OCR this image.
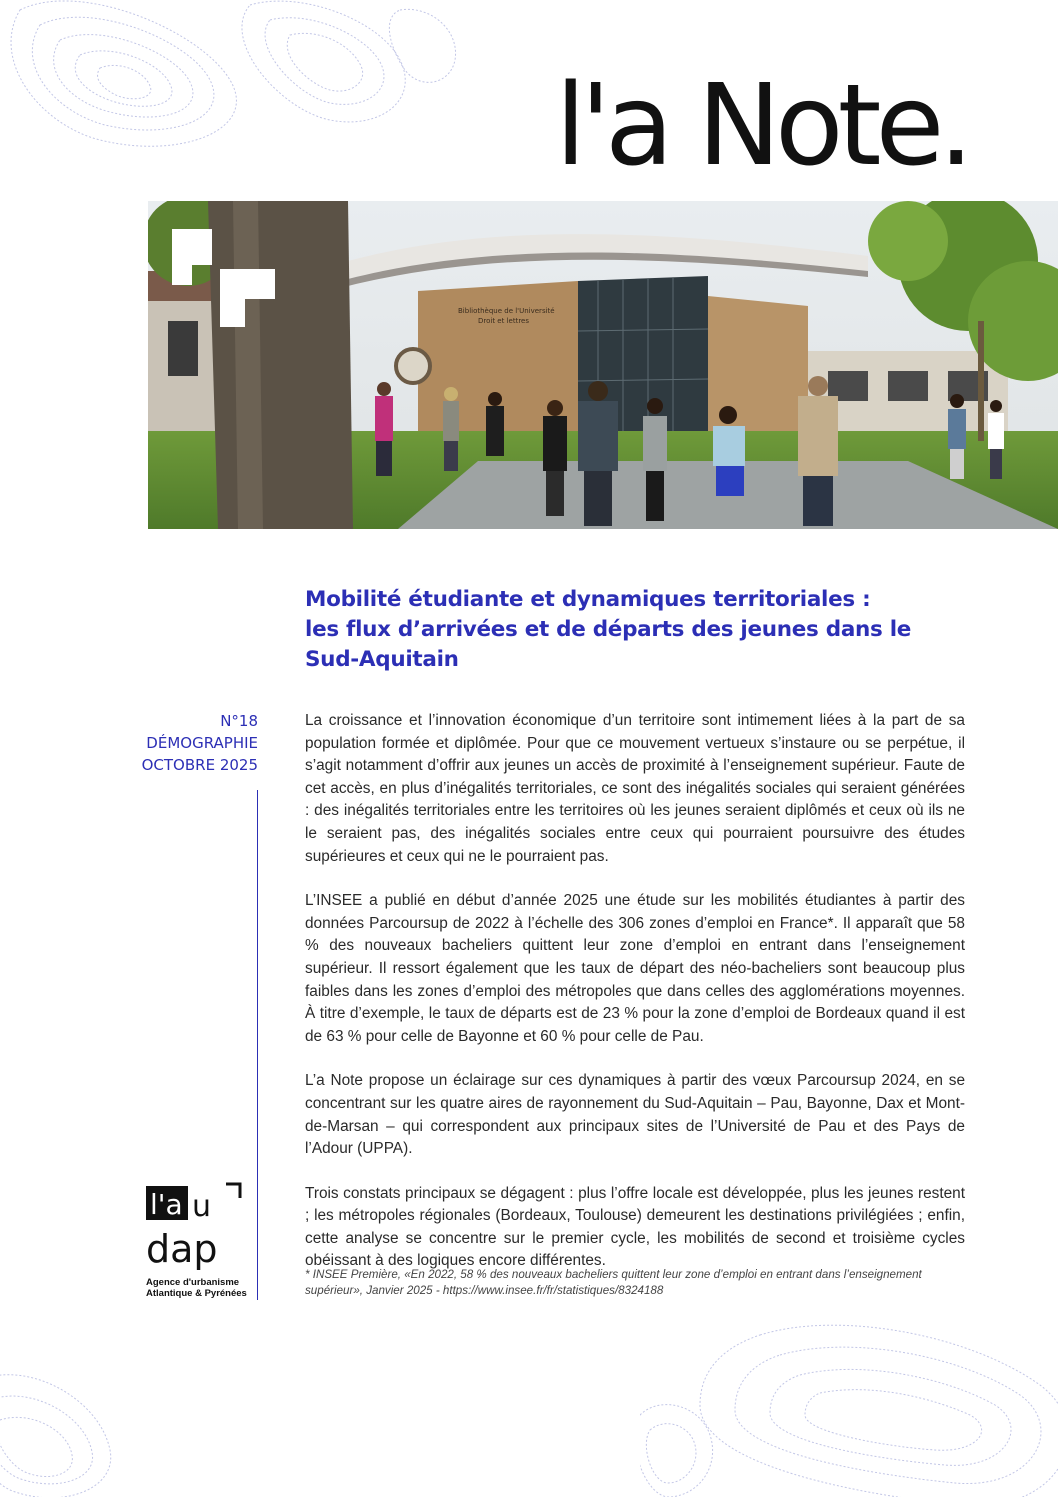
l'a Note.
Bibliothèque de l'Université
Droit et lettres
Mobilité étudiante et dynamiques territoriales :
les flux d’arrivées et de départs des jeunes dans le
Sud-Aquitain
N°18
DÉMOGRAPHIE
OCTOBRE 2025

La croissance et l’innovation économique d’un territoire sont intimement liées à la part de sa population formée et diplômée. Pour que ce mouvement vertueux s’instaure ou se perpétue, il s’agit notamment d’offrir aux jeunes un accès de proximité à l’enseignement supérieur. Faute de cet accès, en plus d’inégalités territoriales, ce sont des inégalités sociales qui seraient générées : des inégalités territoriales entre les territoires où les jeunes seraient diplômés et ceux où ils ne le seraient pas, des inégalités sociales entre ceux qui pourraient poursuivre des études supérieures et ceux qui ne le pourraient pas.

L’INSEE a publié en début d’année 2025 une étude sur les mobilités étudiantes à partir des données Parcoursup de 2022 à l’échelle des 306 zones d’emploi en France*. Il apparaît que 58 % des nouveaux bacheliers quittent leur zone d’emploi en entrant dans l’enseignement supérieur. Il ressort également que les taux de départ des néo-bacheliers sont beaucoup plus faibles dans les zones d’emploi des métropoles que dans celles des agglomérations moyennes. À titre d’exemple, le taux de départs est de 23 % pour la zone d’emploi de Bordeaux quand il est de 63 % pour celle de Bayonne et 60 % pour celle de Pau.

L’a Note propose un éclairage sur ces dynamiques à partir des vœux Parcoursup 2024, en se concentrant sur les quatre aires de rayonnement du Sud-Aquitain – Pau, Bayonne, Dax et Mont-de-Marsan – qui correspondent aux principaux sites de l’Université de Pau et des Pays de l’Adour (UPPA).

Trois constats principaux se dégagent : plus l’offre locale est développée, plus les jeunes restent ; les métropoles régionales (Bordeaux, Toulouse) demeurent les destinations privilégiées ; enfin, cette analyse se concentre sur le premier cycle, les mobilités de second et troisième cycles obéissant à des logiques encore différentes.

* INSEE Première, «En 2022, 58 % des nouveaux bacheliers quittent leur zone d’emploi en entrant dans l’enseignement supérieur», Janvier 2025 - https://www.insee.fr/fr/statistiques/8324188
l'a u
dap
Agence d'urbanisme
Atlantique & Pyrénées
